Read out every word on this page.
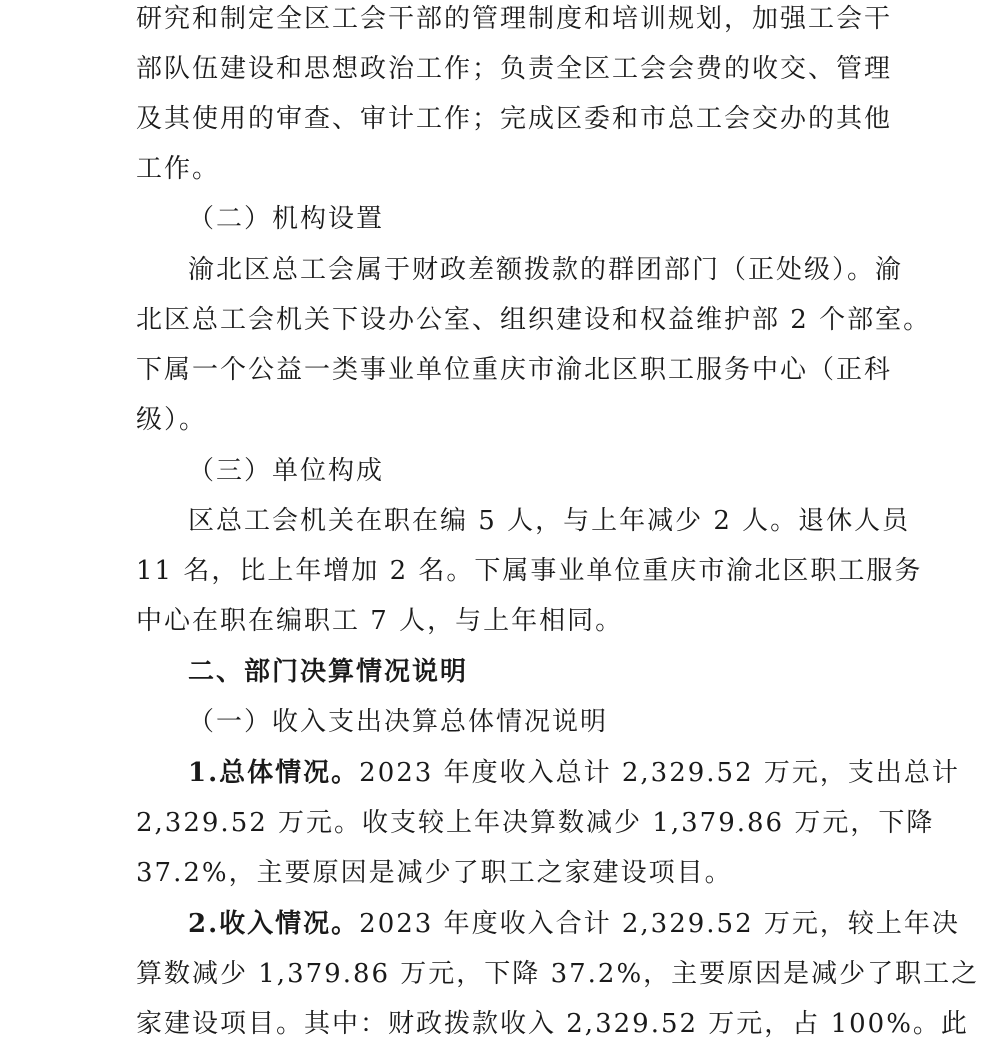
研究和制定全区工会干部的管理制度和培训规划，加强工会干
部队伍建设和思想政治工作；负责全区工会会费的收交、管理
及其使用的审查、审计工作；完成区委和市总工会交办的其他
工作。
（二）机构设置
渝北区总工会属于财政差额拨款的群团部门（正处级）。渝
北区总工会机关下设办公室、组织建设和权益维护部 2 个部室。
下属一个公益一类事业单位重庆市渝北区职工服务中心（正科
级）。
（三）单位构成
区总工会机关在职在编 5 人，与上年减少 2 人。退休人员
11 名，比上年增加 2 名。下属事业单位重庆市渝北区职工服务
中心在职在编职工 7 人，与上年相同。
二、部门决算情况说明
（一）收入支出决算总体情况说明
1.总体情况。2023 年度收入总计 2,329.52 万元，支出总计
2,329.52 万元。收支较上年决算数减少 1,379.86 万元，下降
37.2%，主要原因是减少了职工之家建设项目。
2.收入情况。2023 年度收入合计 2,329.52 万元，较上年决
算数减少 1,379.86 万元，下降 37.2%，主要原因是减少了职工之
家建设项目。其中：财政拨款收入 2,329.52 万元，占 100%。此
